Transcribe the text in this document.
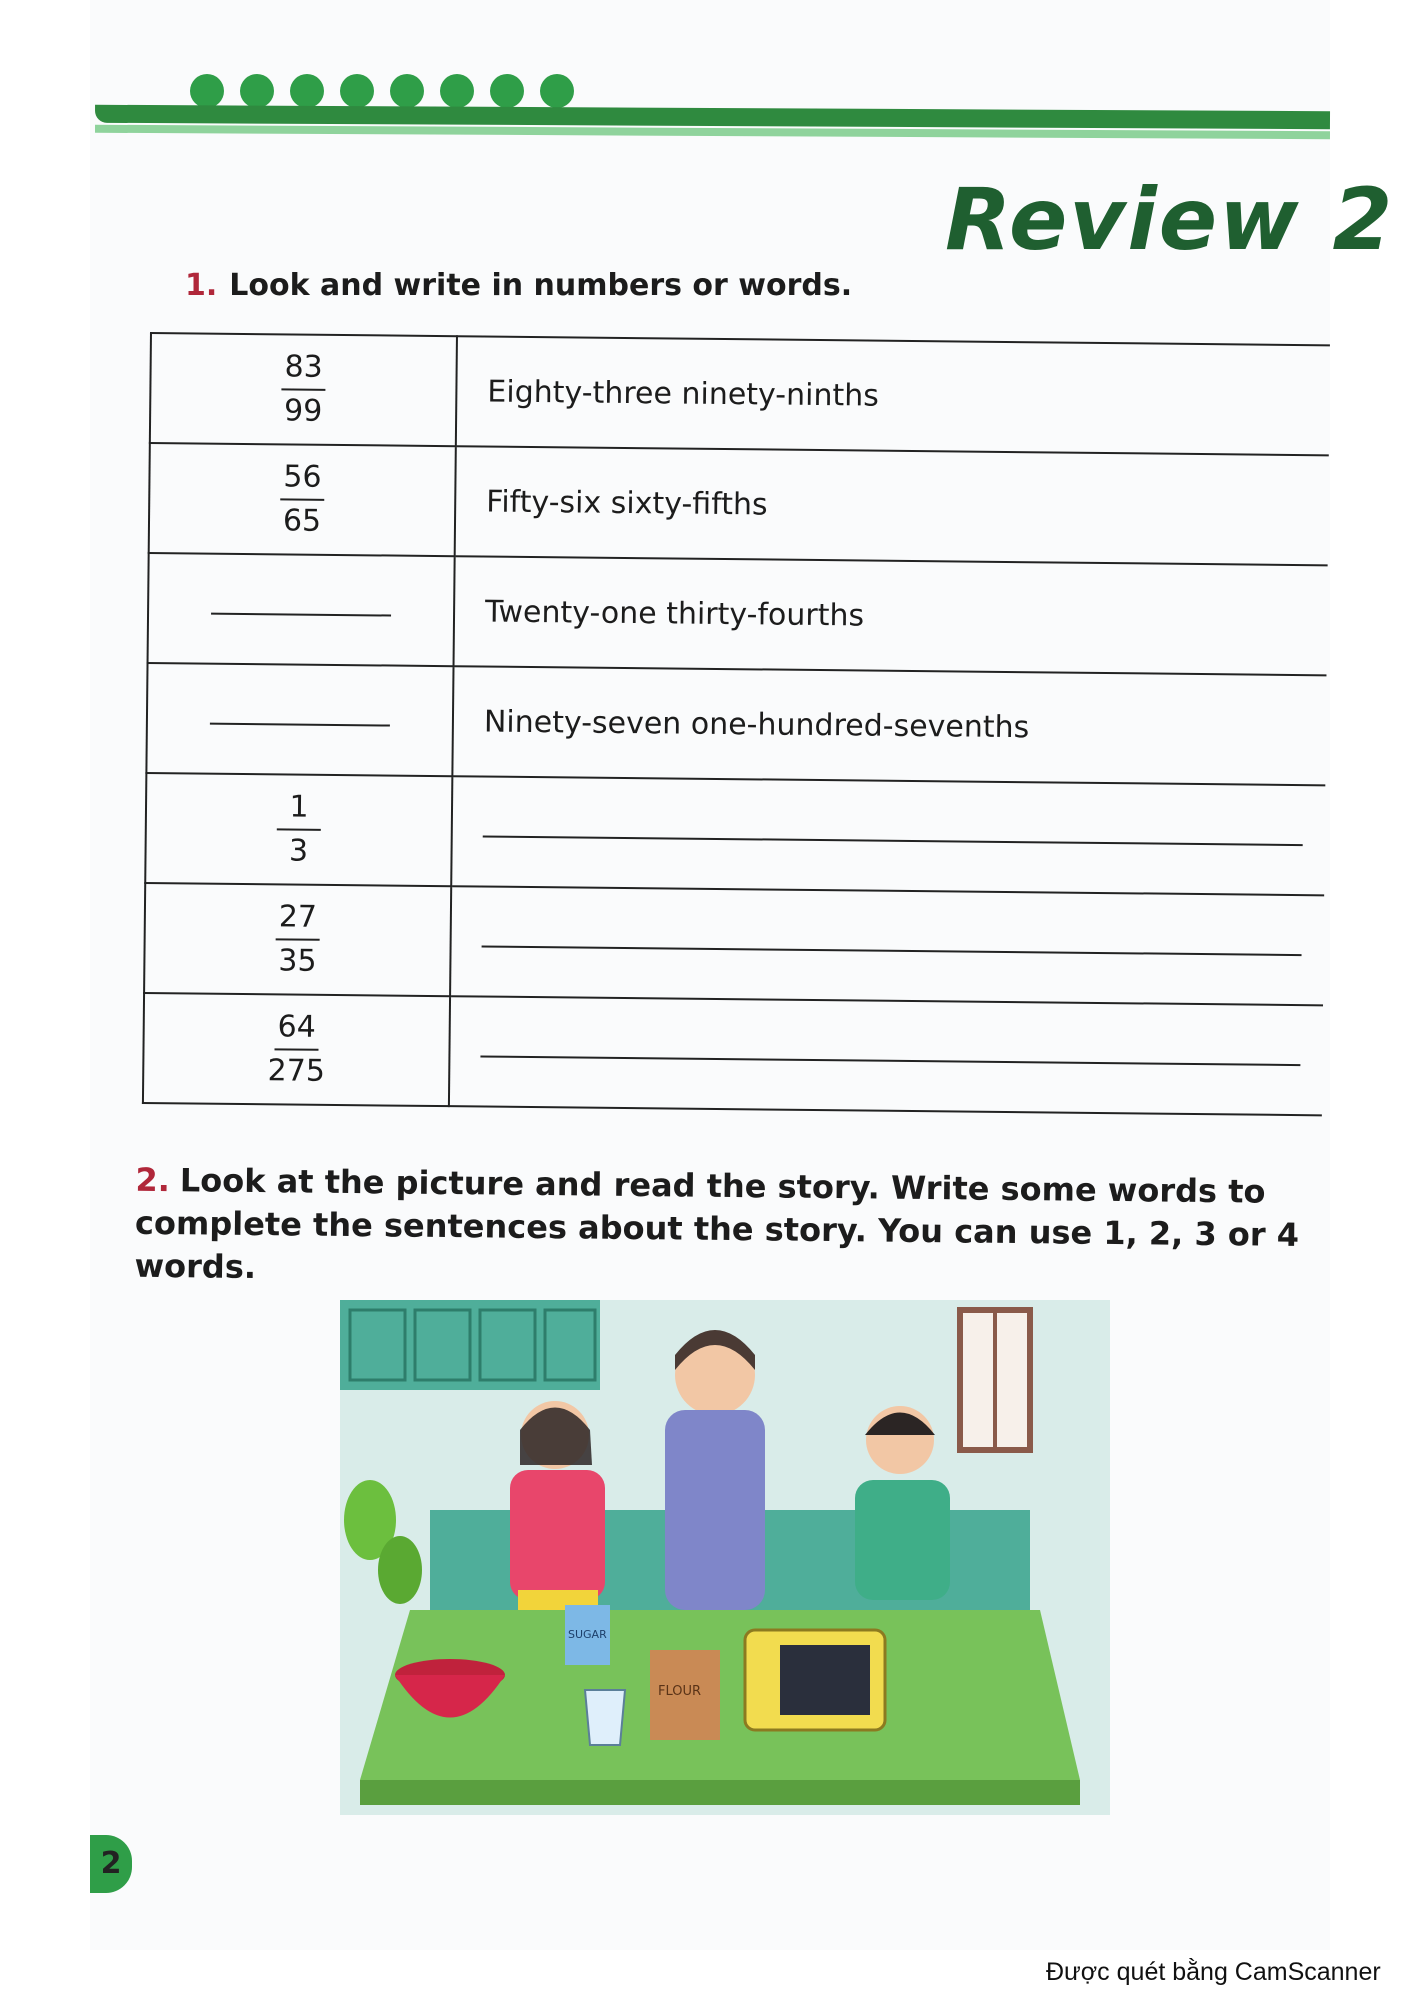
Review 2
1. Look and write in numbers or words.
$\frac{83}{99}$	Eighty-three ninety-ninths

$\frac{56}{65}$	Fifty-six sixty-fifths
	Twenty-one thirty-fourths
	Ninety-seven one-hundred-sevenths

$\frac{1}{3}$

$\frac{27}{35}$

$\frac{64}{275}$

2. Look at the picture and read the story. Write some words to complete the sentences about the story. You can use 1, 2, 3 or 4 words.
SUGAR
FLOUR
2
Được quét bằng CamScanner
